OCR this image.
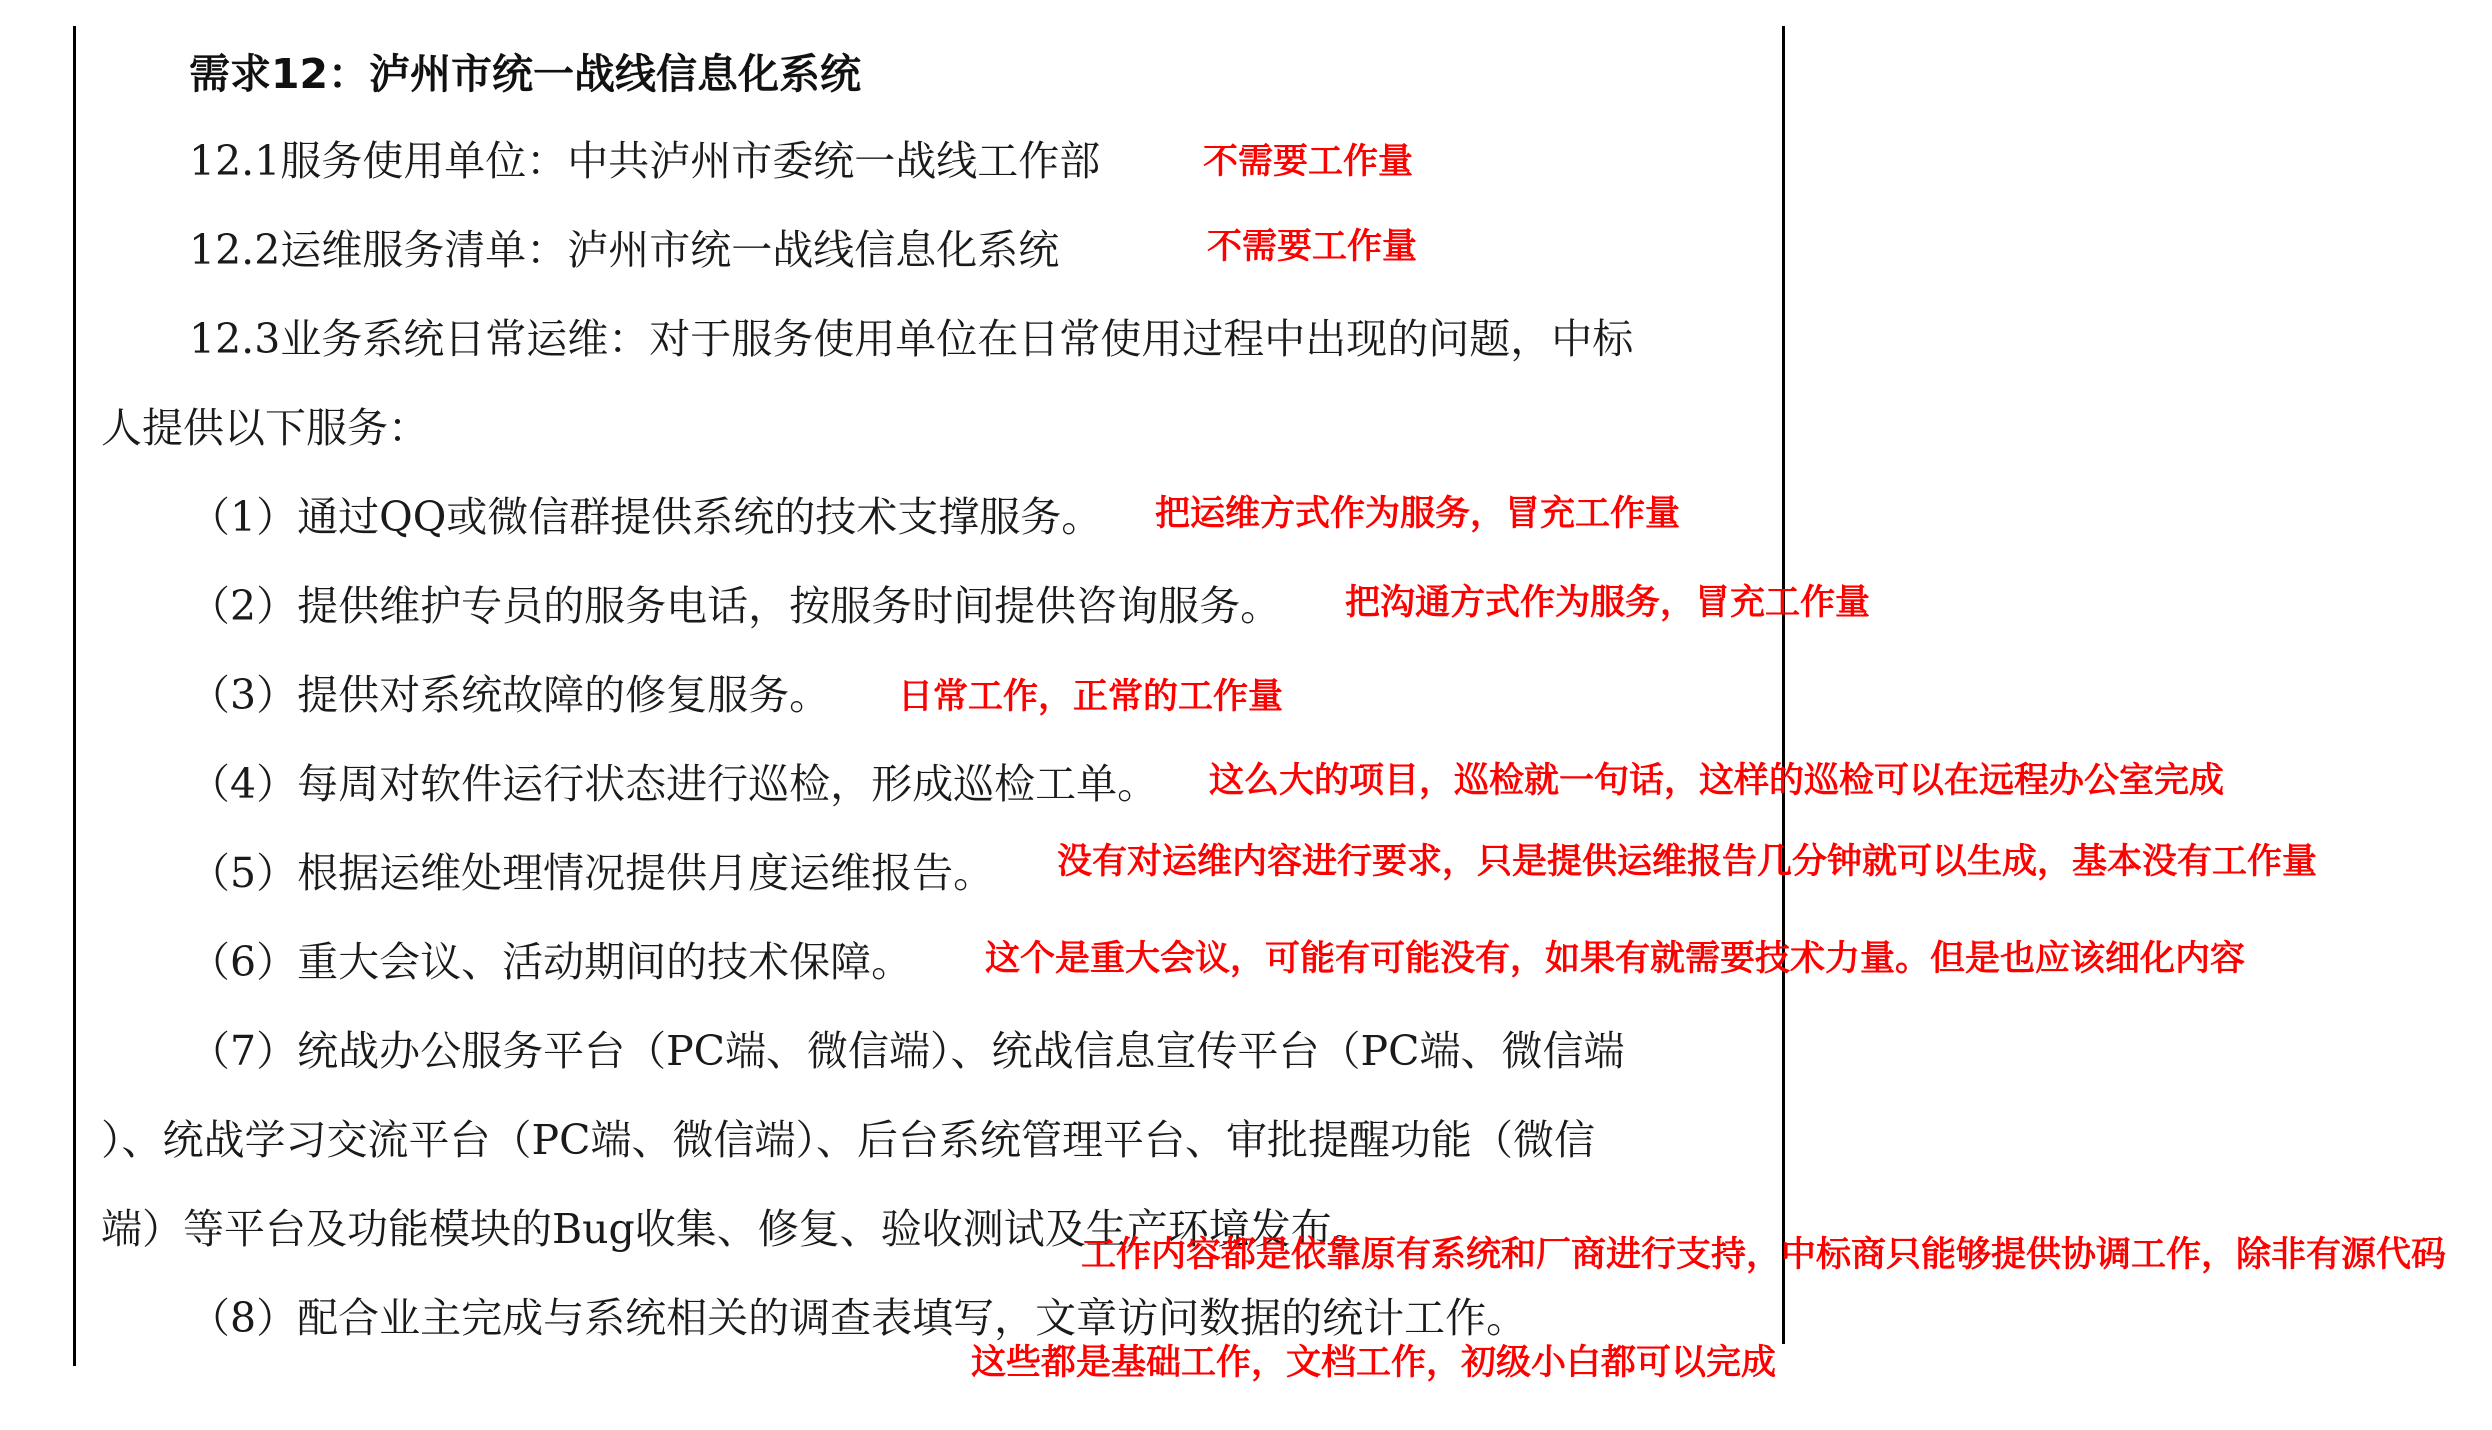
需求12：泸州市统一战线信息化系统
12.1服务使用单位：中共泸州市委统一战线工作部
12.2运维服务清单：泸州市统一战线信息化系统
12.3业务系统日常运维：对于服务使用单位在日常使用过程中出现的问题，中标
人提供以下服务：
（1）通过QQ或微信群提供系统的技术支撑服务。
（2）提供维护专员的服务电话，按服务时间提供咨询服务。
（3）提供对系统故障的修复服务。
（4）每周对软件运行状态进行巡检，形成巡检工单。
（5）根据运维处理情况提供月度运维报告。
（6）重大会议、活动期间的技术保障。
（7）统战办公服务平台（PC端、微信端）、统战信息宣传平台（PC端、微信端
）、统战学习交流平台（PC端、微信端）、后台系统管理平台、审批提醒功能（微信
端）等平台及功能模块的Bug收集、修复、验收测试及生产环境发布。
（8）配合业主完成与系统相关的调查表填写，文章访问数据的统计工作。
不需要工作量
不需要工作量
把运维方式作为服务，冒充工作量
把沟通方式作为服务，冒充工作量
日常工作，正常的工作量
这么大的项目，巡检就一句话，这样的巡检可以在远程办公室完成
没有对运维内容进行要求，只是提供运维报告几分钟就可以生成，基本没有工作量
这个是重大会议，可能有可能没有，如果有就需要技术力量。但是也应该细化内容
工作内容都是依靠原有系统和厂商进行支持，中标商只能够提供协调工作，除非有源代码
这些都是基础工作，文档工作，初级小白都可以完成
